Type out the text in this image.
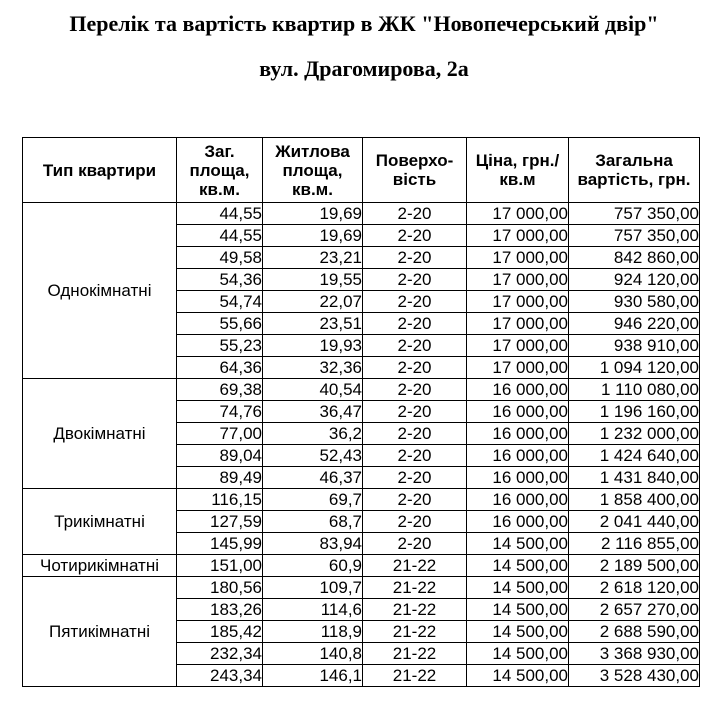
Перелік та вартість квартир в ЖК "Новопечерський двір"
вул. Драгомирова, 2а
Тип квартири	Заг. площа, кв.м.	Житлова площа, кв.м.	Поверхо-вість	Ціна, грн./кв.м	Загальна вартість, грн.
Однокімнатні	44,55	19,69	2-20	17 000,00	757 350,00
	44,55	19,69	2-20	17 000,00	757 350,00
	49,58	23,21	2-20	17 000,00	842 860,00
	54,36	19,55	2-20	17 000,00	924 120,00
	54,74	22,07	2-20	17 000,00	930 580,00
	55,66	23,51	2-20	17 000,00	946 220,00
	55,23	19,93	2-20	17 000,00	938 910,00
	64,36	32,36	2-20	17 000,00	1 094 120,00
Двокімнатні	69,38	40,54	2-20	16 000,00	1 110 080,00
	74,76	36,47	2-20	16 000,00	1 196 160,00
	77,00	36,2	2-20	16 000,00	1 232 000,00
	89,04	52,43	2-20	16 000,00	1 424 640,00
	89,49	46,37	2-20	16 000,00	1 431 840,00
Трикімнатні	116,15	69,7	2-20	16 000,00	1 858 400,00
	127,59	68,7	2-20	16 000,00	2 041 440,00
	145,99	83,94	2-20	14 500,00	2 116 855,00
Чотирикімнатні	151,00	60,9	21-22	14 500,00	2 189 500,00
Пятикімнатні	180,56	109,7	21-22	14 500,00	2 618 120,00
	183,26	114,6	21-22	14 500,00	2 657 270,00
	185,42	118,9	21-22	14 500,00	2 688 590,00
	232,34	140,8	21-22	14 500,00	3 368 930,00
	243,34	146,1	21-22	14 500,00	3 528 430,00
